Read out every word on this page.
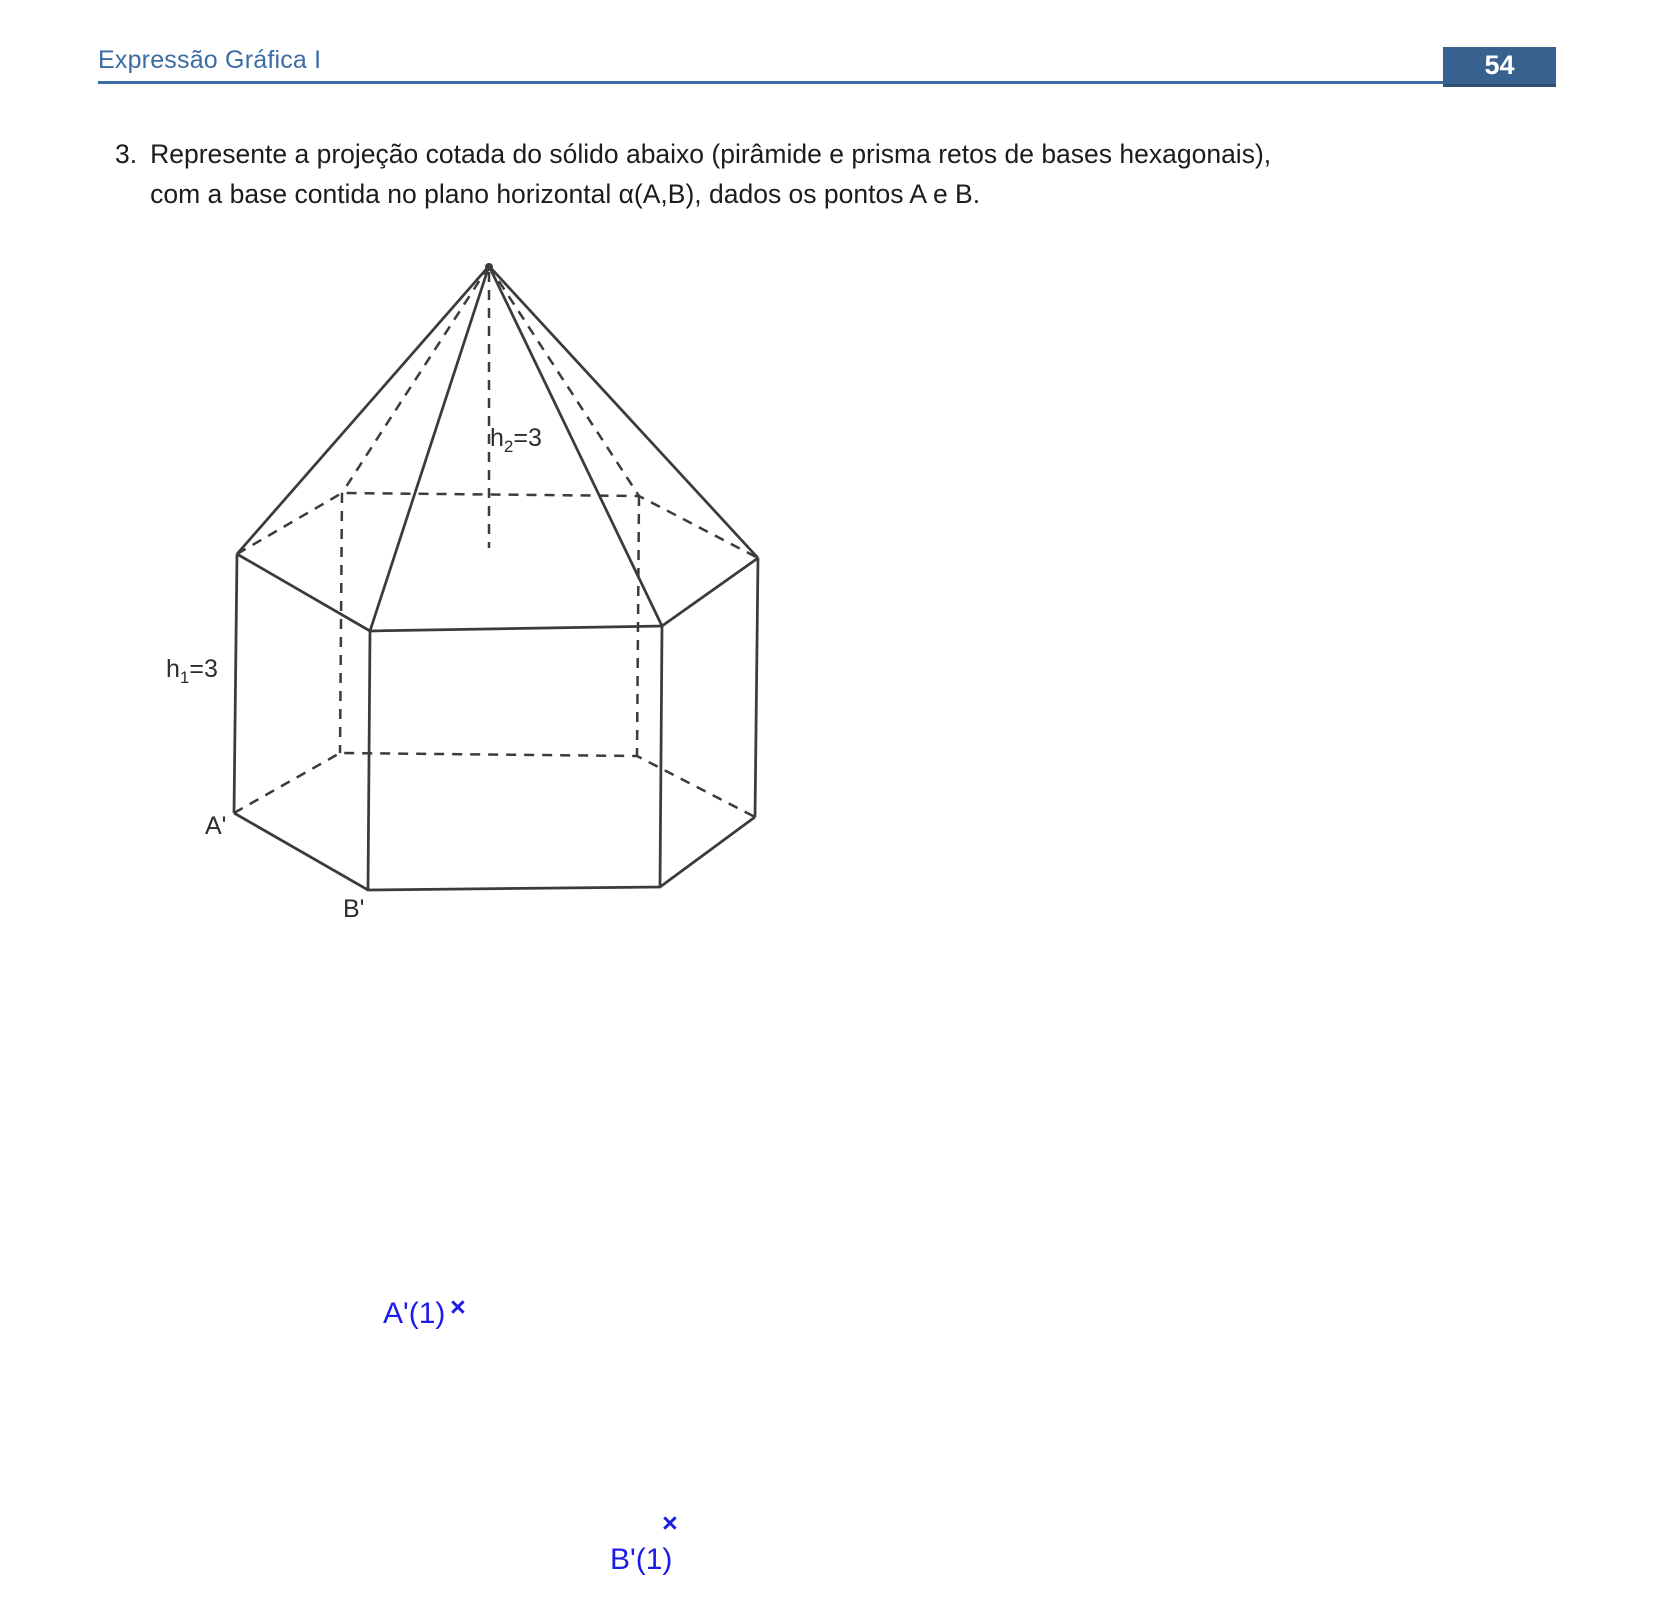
Expressão Gráfica I	54
3. Represente a projeção cotada do sólido abaixo (pirâmide e prisma retos de bases hexagonais),
com a base contida no plano horizontal α(A,B), dados os pontos A e B.
$h_2=3$
$h_1=3$
A'
B'
A'(1) ×
×
B'(1)
